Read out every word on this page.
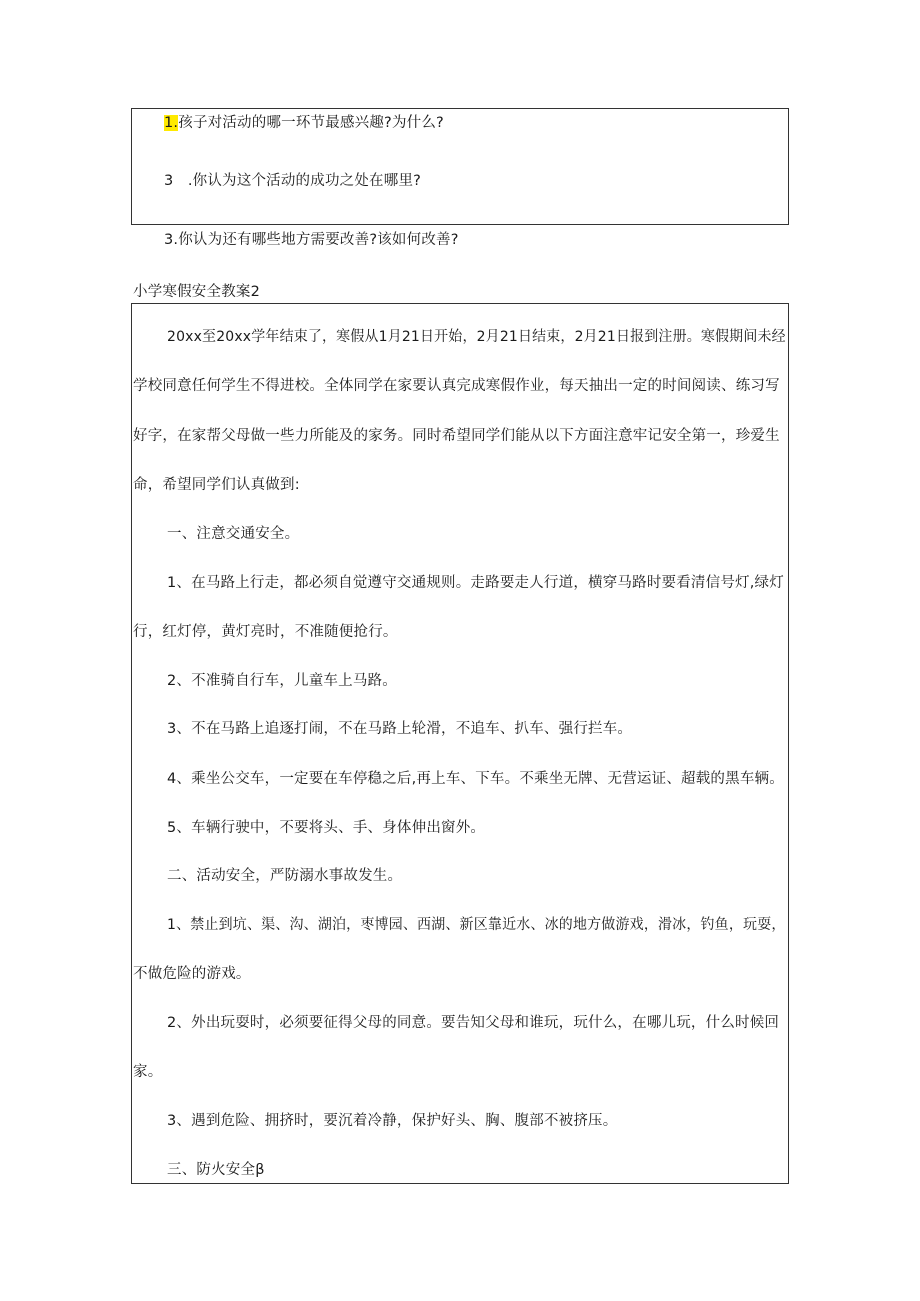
1.孩子对活动的哪一环节最感兴趣?为什么?
3   .你认为这个活动的成功之处在哪里?
3.你认为还有哪些地方需要改善?该如何改善?
小学寒假安全教案2
20xx至20xx学年结束了，寒假从1月21日开始，2月21日结束，2月21日报到注册。寒假期间未经
学校同意任何学生不得进校。全体同学在家要认真完成寒假作业，每天抽出一定的时间阅读、练习写
好字，在家帮父母做一些力所能及的家务。同时希望同学们能从以下方面注意牢记安全第一，珍爱生
命，希望同学们认真做到:
一、注意交通安全。
1、在马路上行走，都必须自觉遵守交通规则。走路要走人行道，横穿马路时要看清信号灯,绿灯
行，红灯停，黄灯亮时，不准随便抢行。
2、不准骑自行车，儿童车上马路。
3、不在马路上追逐打闹，不在马路上轮滑，不追车、扒车、强行拦车。
4、乘坐公交车，一定要在车停稳之后,再上车、下车。不乘坐无牌、无营运证、超载的黑车辆。
5、车辆行驶中，不要将头、手、身体伸出窗外。
二、活动安全，严防溺水事故发生。
1、禁止到坑、渠、沟、湖泊，枣博园、西湖、新区靠近水、冰的地方做游戏，滑冰，钓鱼，玩耍，
不做危险的游戏。
2、外出玩耍时，必须要征得父母的同意。要告知父母和谁玩，玩什么，在哪儿玩，什么时候回
家。
3、遇到危险、拥挤时，要沉着冷静，保护好头、胸、腹部不被挤压。
三、防火安全β
